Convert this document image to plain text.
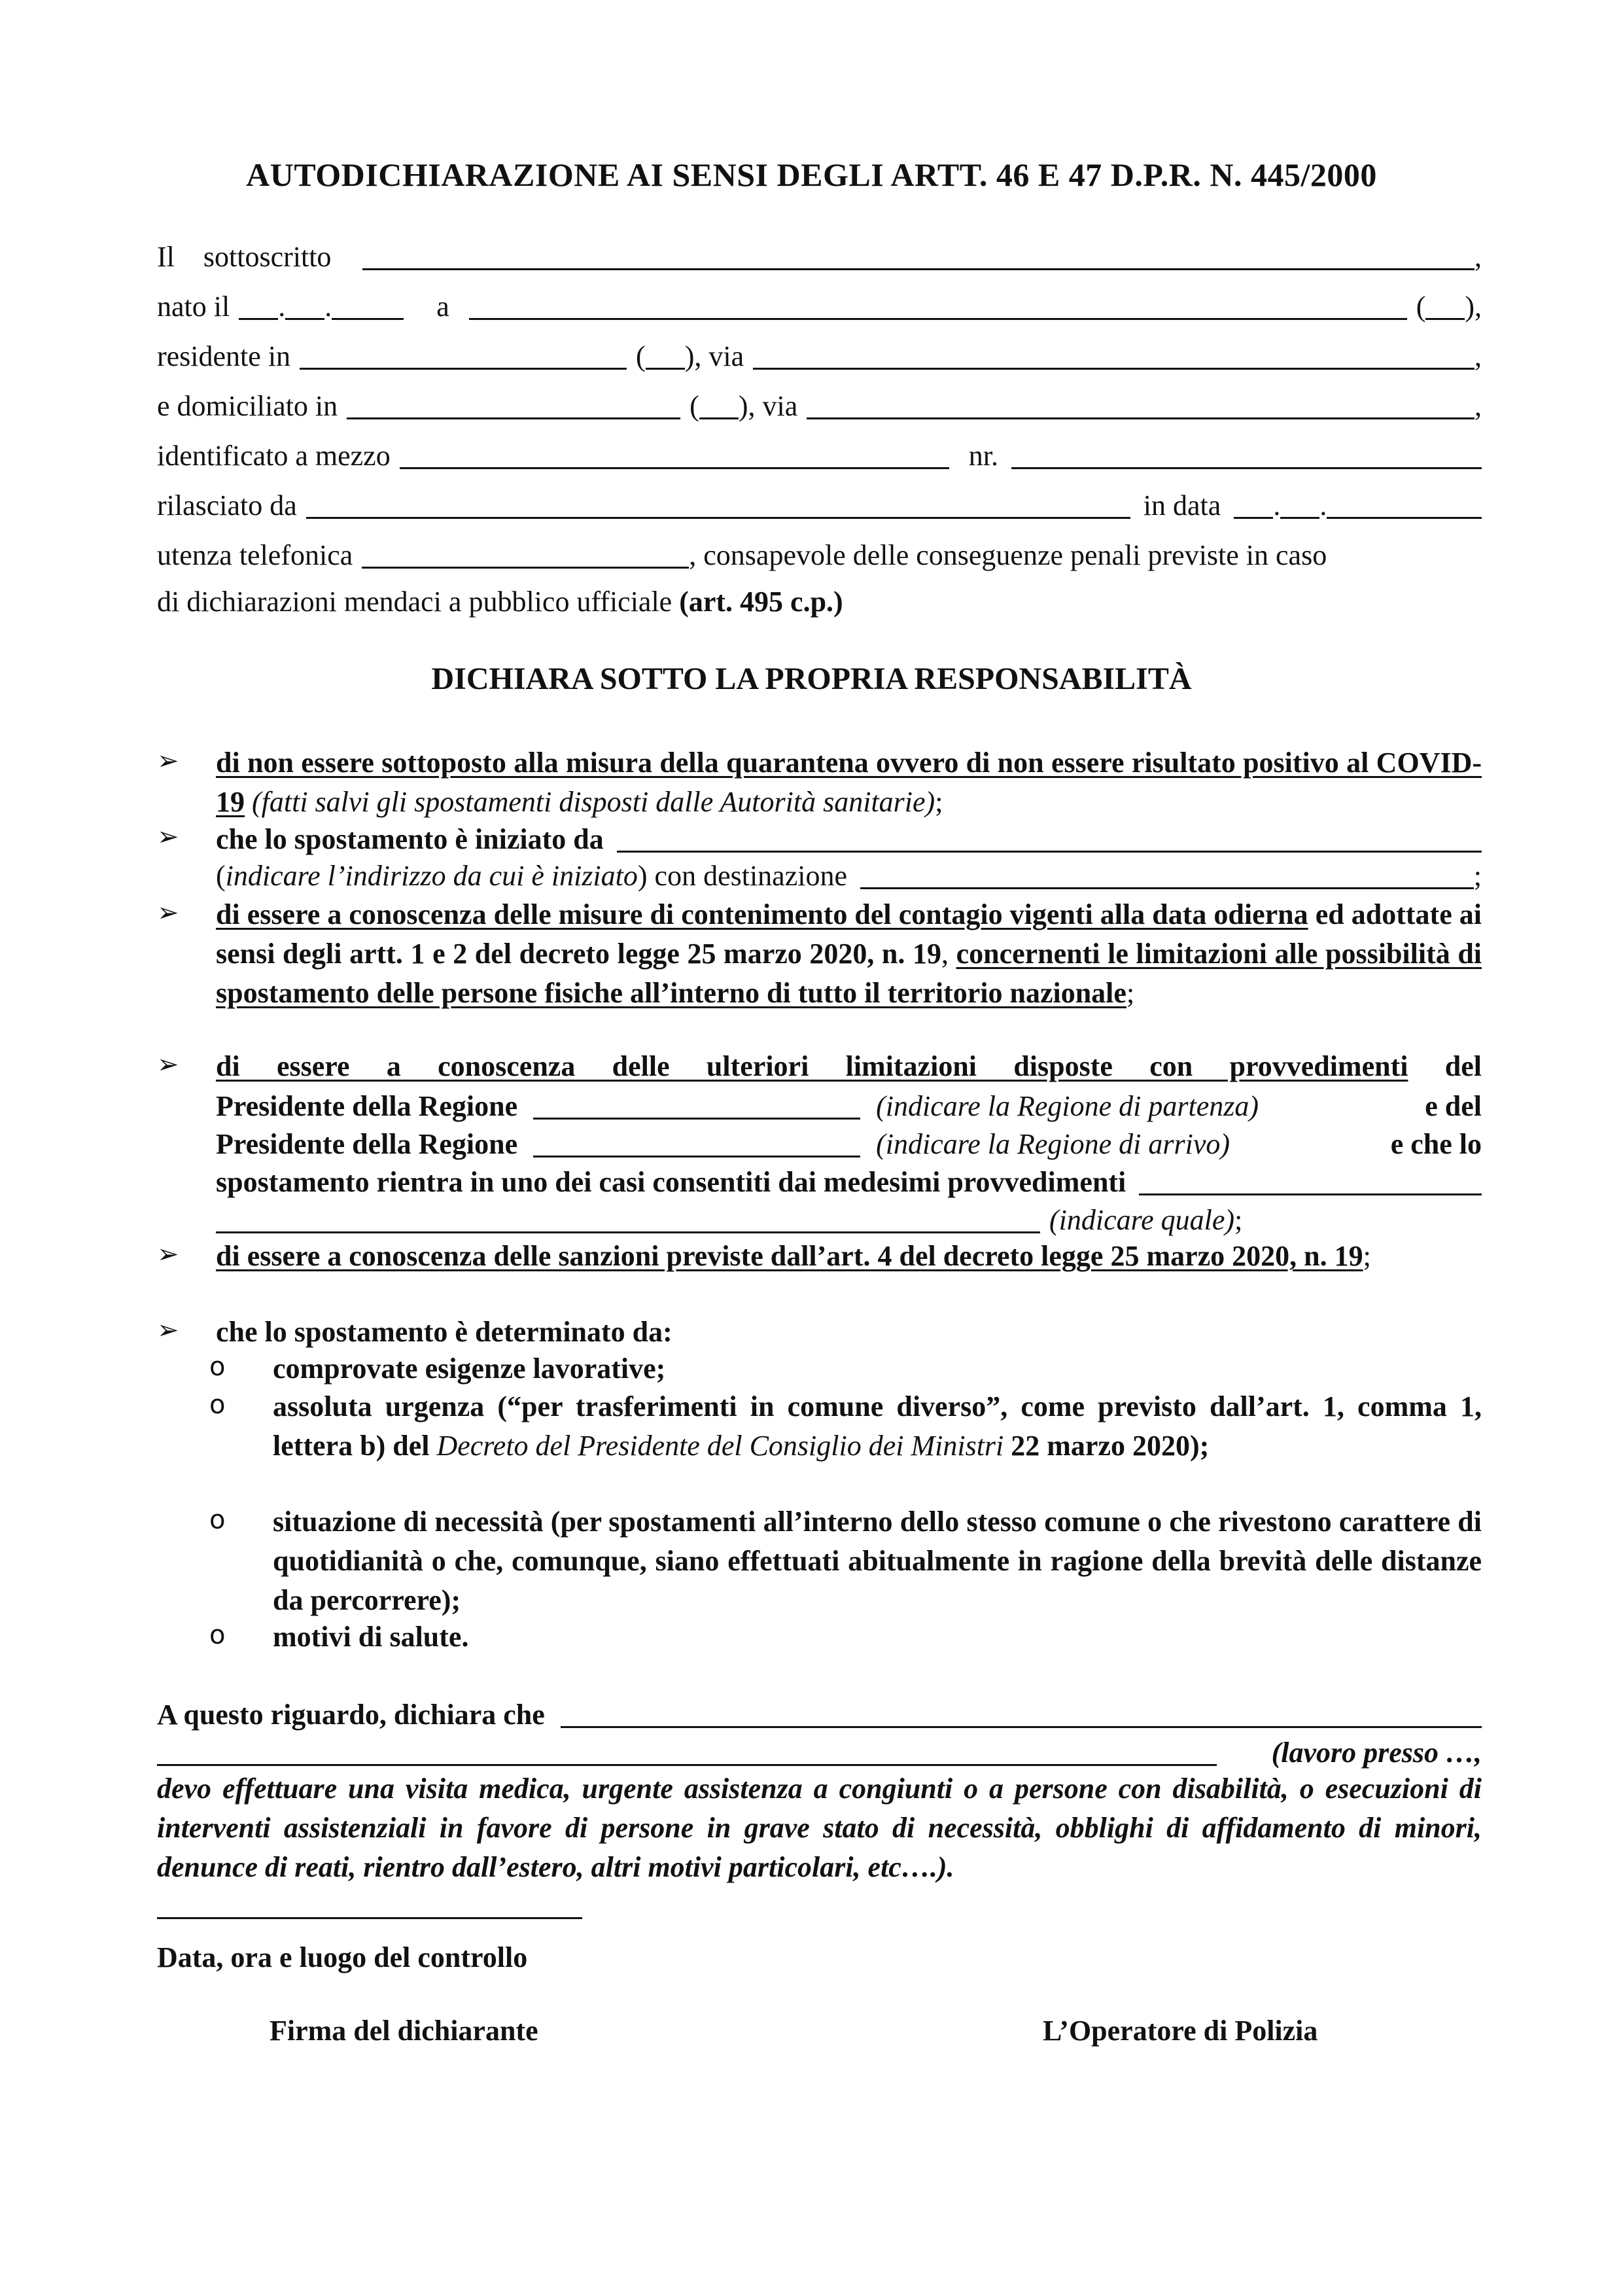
AUTODICHIARAZIONE AI SENSI DEGLI ARTT. 46 E 47 D.P.R. N. 445/2000
Il    sottoscritto	,
nato il . .	a	( ),
residente in	( ), via	,
e domiciliato in	( ), via	,
identificato a mezzo	nr.
rilasciato da	in data . .
utenza telefonica	, consapevole delle conseguenze penali previste in caso
di dichiarazioni mendaci a pubblico ufficiale (art. 495 c.p.)
DICHIARA SOTTO LA PROPRIA RESPONSABILITÀ
➢ di non essere sottoposto alla misura della quarantena ovvero di non essere risultato positivo al COVID-19 (fatti salvi gli spostamenti disposti dalle Autorità sanitarie);
➢ che lo spostamento è iniziato da
( indicare l’indirizzo da cui è iniziato ) con destinazione	;
➢ di essere a conoscenza delle misure di contenimento del contagio vigenti alla data odierna ed adottate ai sensi degli artt. 1 e 2 del decreto legge 25 marzo 2020, n. 19, concernenti le limitazioni alle possibilità di spostamento delle persone fisiche all’interno di tutto il territorio nazionale;
➢ di essere a conoscenza delle ulteriori limitazioni disposte con provvedimenti del
Presidente della Regione	(indicare la Regione di partenza)	e del
Presidente della Regione	(indicare la Regione di arrivo)	e che lo
spostamento rientra in uno dei casi consentiti dai medesimi provvedimenti
(indicare quale) ;
➢ di essere a conoscenza delle sanzioni previste dall’art. 4 del decreto legge 25 marzo 2020, n. 19;
➢ che lo spostamento è determinato da:
o comprovate esigenze lavorative;
o assoluta urgenza (“per trasferimenti in comune diverso”, come previsto dall’art. 1, comma 1, lettera b) del Decreto del Presidente del Consiglio dei Ministri 22 marzo 2020);
o situazione di necessità (per spostamenti all’interno dello stesso comune o che rivestono carattere di quotidianità o che, comunque, siano effettuati abitualmente in ragione della brevità delle distanze da percorrere);
o motivi di salute.
A questo riguardo, dichiara che
(lavoro presso …,
devo effettuare una visita medica, urgente assistenza a congiunti o a persone con disabilità, o esecuzioni di interventi assistenziali in favore di persone in grave stato di necessità, obblighi di affidamento di minori, denunce di reati, rientro dall’estero, altri motivi particolari, etc….).
Data, ora e luogo del controllo
Firma del dichiarante	L’Operatore di Polizia
